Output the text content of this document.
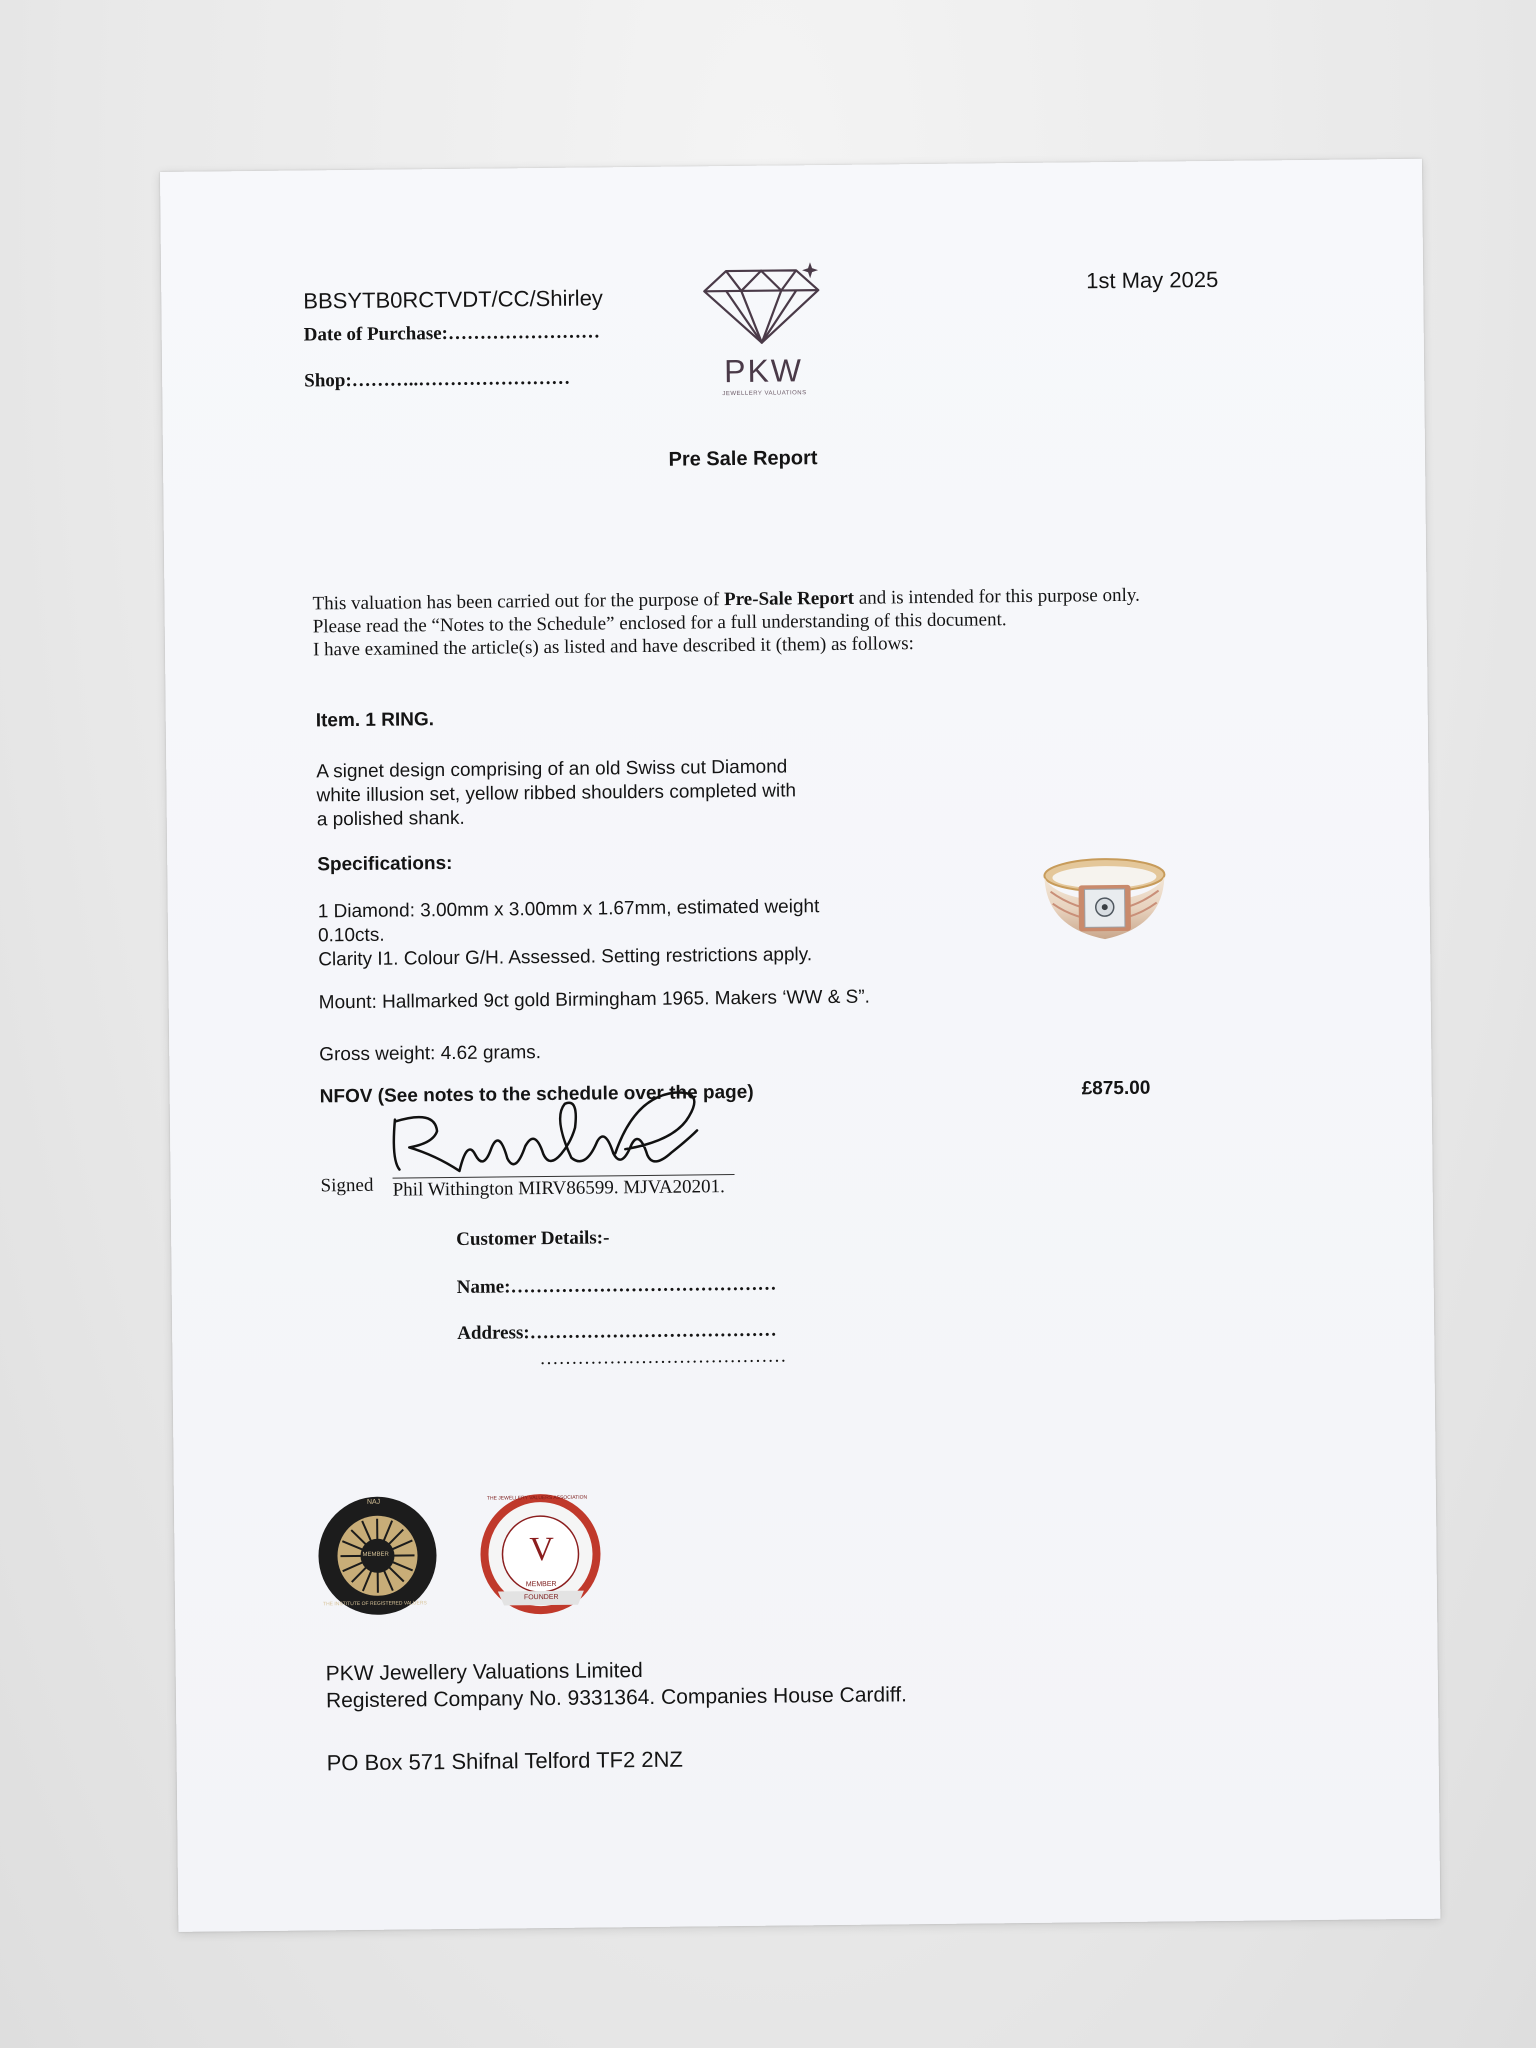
BBSYTB0RCTVDT/CC/Shirley
Date of Purchase:……………………
Shop:………..……………………
1st May 2025
PKW
JEWELLERY VALUATIONS
Pre Sale Report

This valuation has been carried out for the purpose of Pre-Sale Report and is intended for this purpose only.

Please read the “Notes to the Schedule” enclosed for a full understanding of this document.

I have examined the article(s) as listed and have described it (them) as follows:

Item. 1 RING.

A signet design comprising of an old Swiss cut Diamond

white illusion set, yellow ribbed shoulders completed with

a polished shank.

Specifications:

1 Diamond: 3.00mm x 3.00mm x 1.67mm, estimated weight

0.10cts.

Clarity I1. Colour G/H. Assessed. Setting restrictions apply.

Mount: Hallmarked 9ct gold Birmingham 1965. Makers ‘WW & S”.
Gross weight: 4.62 grams.
NFOV (See notes to the schedule over the page)	£875.00
Signed Phil Withington MIRV86599. MJVA20201.
Customer Details:-
Name:……………………………………
Address:…………………………………
…………………………………
NAJ
MEMBER
THE INSTITUTE OF REGISTERED VALUERS
THE JEWELLERY VALUERS ASSOCIATION
V
MEMBER
FOUNDER

PKW Jewellery Valuations Limited

Registered Company No. 9331364. Companies House Cardiff.

PO Box 571 Shifnal Telford TF2 2NZ
